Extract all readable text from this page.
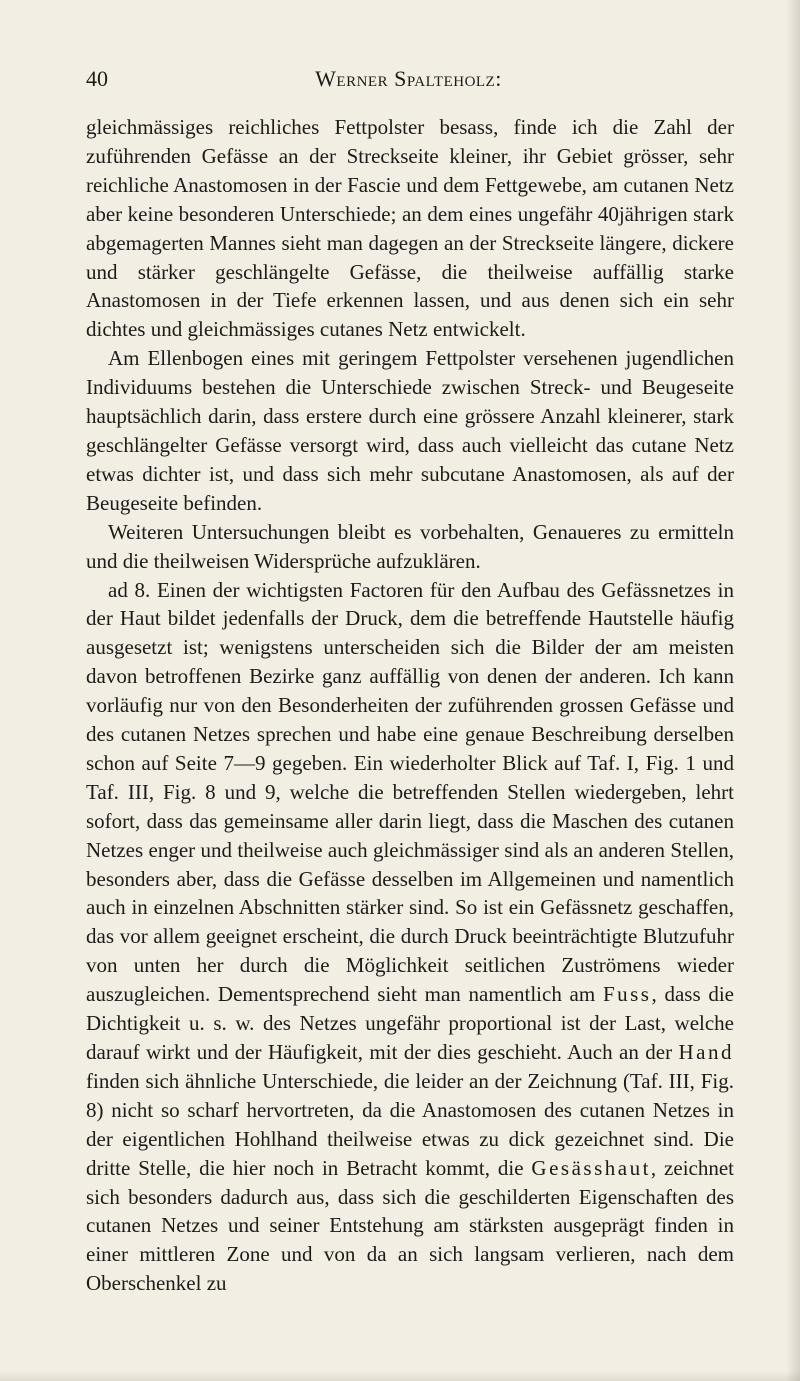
40	Werner Spalteholz:

gleichmässiges reichliches Fettpolster besass, finde ich die Zahl der zuführenden Gefässe an der Streckseite kleiner, ihr Gebiet grösser, sehr reichliche Anastomosen in der Fascie und dem Fettgewebe, am cutanen Netz aber keine besonderen Unterschiede; an dem eines ungefähr 40jährigen stark abgemagerten Mannes sieht man dagegen an der Streckseite längere, dickere und stärker geschlängelte Gefässe, die theilweise auffällig starke Anastomosen in der Tiefe erkennen lassen, und aus denen sich ein sehr dichtes und gleichmässiges cutanes Netz entwickelt.

Am Ellenbogen eines mit geringem Fettpolster versehenen jugendlichen Individuums bestehen die Unterschiede zwischen Streck- und Beugeseite hauptsächlich darin, dass erstere durch eine grössere Anzahl kleinerer, stark geschlängelter Gefässe versorgt wird, dass auch vielleicht das cutane Netz etwas dichter ist, und dass sich mehr subcutane Anastomosen, als auf der Beugeseite befinden.

Weiteren Untersuchungen bleibt es vorbehalten, Genaueres zu ermitteln und die theilweisen Widersprüche aufzuklären.

ad 8. Einen der wichtigsten Factoren für den Aufbau des Gefässnetzes in der Haut bildet jedenfalls der Druck, dem die betreffende Hautstelle häufig ausgesetzt ist; wenigstens unterscheiden sich die Bilder der am meisten davon betroffenen Bezirke ganz auffällig von denen der anderen. Ich kann vorläufig nur von den Besonderheiten der zuführenden grossen Gefässe und des cutanen Netzes sprechen und habe eine genaue Beschreibung derselben schon auf Seite 7—9 gegeben. Ein wiederholter Blick auf Taf. I, Fig. 1 und Taf. III, Fig. 8 und 9, welche die betreffenden Stellen wiedergeben, lehrt sofort, dass das gemeinsame aller darin liegt, dass die Maschen des cutanen Netzes enger und theilweise auch gleichmässiger sind als an anderen Stellen, besonders aber, dass die Gefässe desselben im Allgemeinen und namentlich auch in einzelnen Abschnitten stärker sind. So ist ein Gefässnetz geschaffen, das vor allem geeignet erscheint, die durch Druck beeinträchtigte Blutzufuhr von unten her durch die Möglichkeit seitlichen Zuströmens wieder auszugleichen. Dementsprechend sieht man namentlich am Fuss, dass die Dichtigkeit u. s. w. des Netzes ungefähr proportional ist der Last, welche darauf wirkt und der Häufigkeit, mit der dies geschieht. Auch an der Hand finden sich ähnliche Unterschiede, die leider an der Zeichnung (Taf. III, Fig. 8) nicht so scharf hervortreten, da die Anastomosen des cutanen Netzes in der eigentlichen Hohlhand theilweise etwas zu dick gezeichnet sind. Die dritte Stelle, die hier noch in Betracht kommt, die Gesässhaut, zeichnet sich besonders dadurch aus, dass sich die geschilderten Eigenschaften des cutanen Netzes und seiner Entstehung am stärksten ausgeprägt finden in einer mittleren Zone und von da an sich langsam verlieren, nach dem Oberschenkel zu
